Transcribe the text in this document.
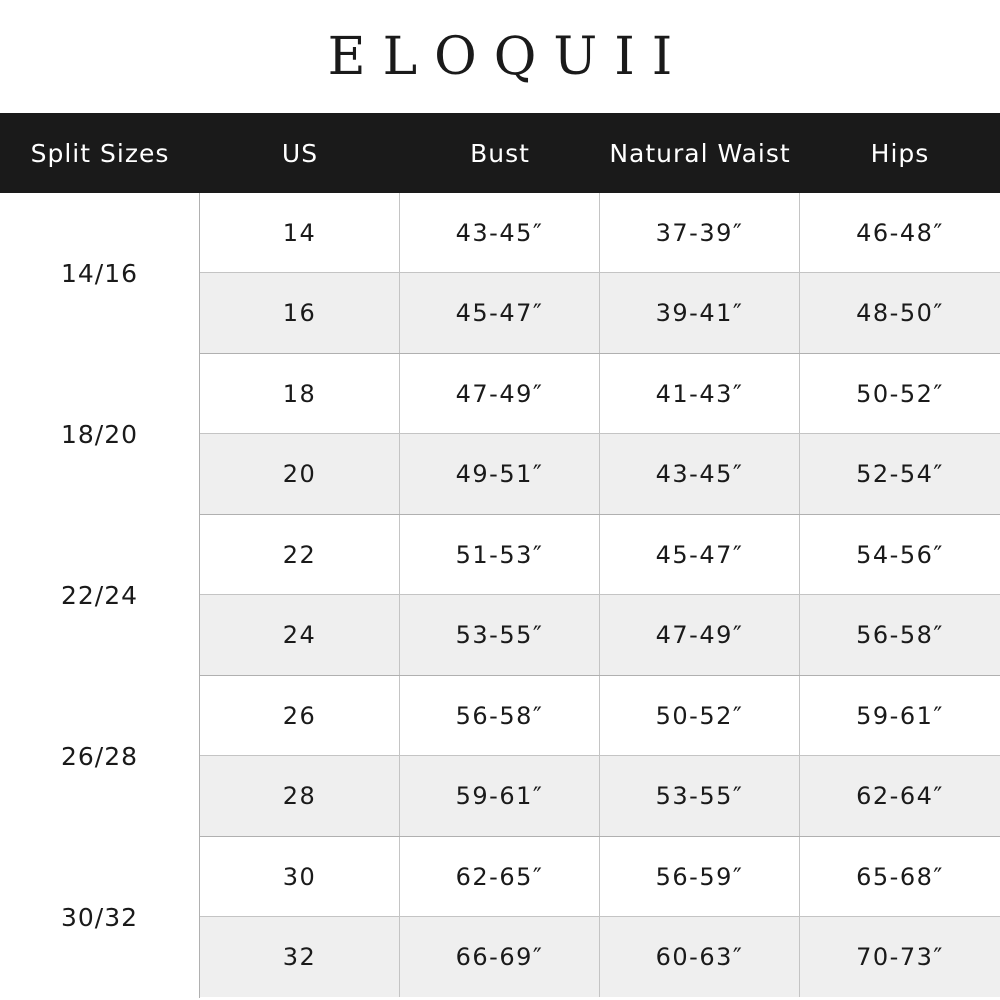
ELOQUII
Split Sizes	US	Bust	Natural Waist	Hips
14/16
14	43-45″	37-39″	46-48″
16	45-47″	39-41″	48-50″
18/20
18	47-49″	41-43″	50-52″
20	49-51″	43-45″	52-54″
22/24
22	51-53″	45-47″	54-56″
24	53-55″	47-49″	56-58″
26/28
26	56-58″	50-52″	59-61″
28	59-61″	53-55″	62-64″
30/32
30	62-65″	56-59″	65-68″
32	66-69″	60-63″	70-73″
